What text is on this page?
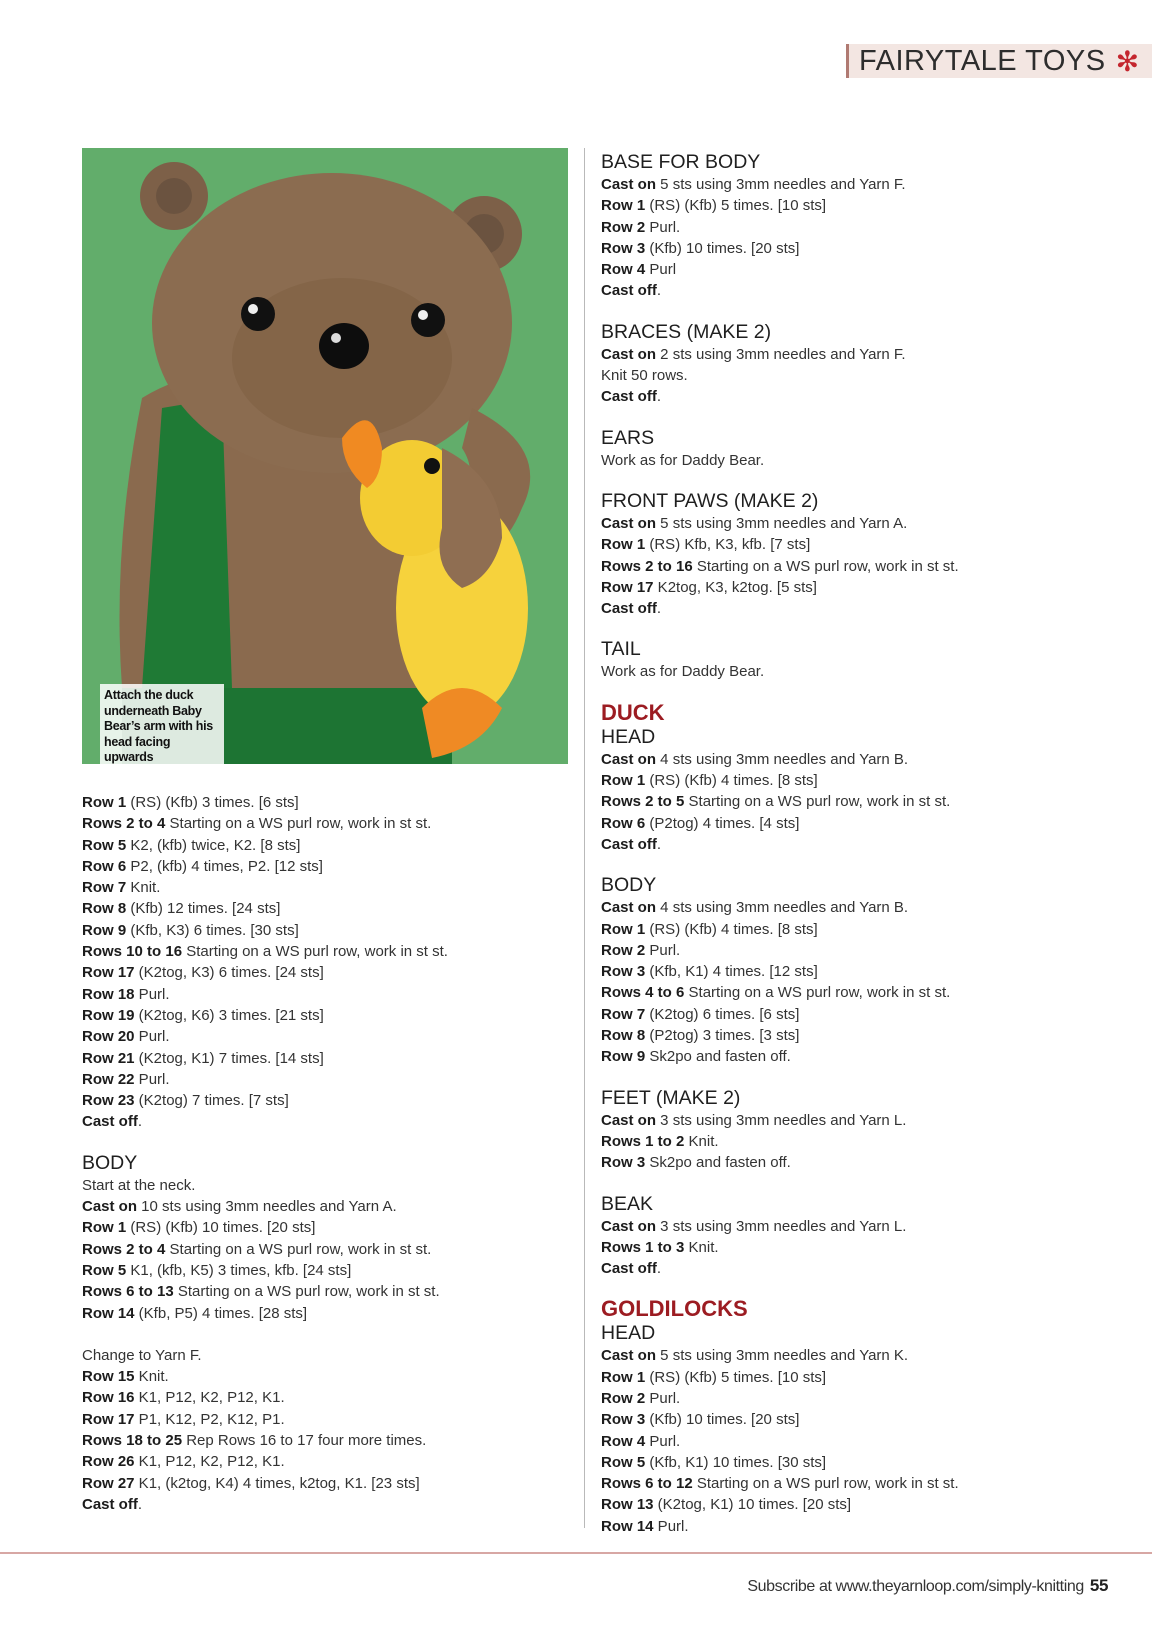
FAIRYTALE TOYS ✻
Attach the duck underneath Baby Bear’s arm with his head facing upwards
Row 1 (RS) (Kfb) 3 times. [6 sts]
Rows 2 to 4 Starting on a WS purl row, work in st st.
Row 5 K2, (kfb) twice, K2. [8 sts]
Row 6 P2, (kfb) 4 times, P2. [12 sts]
Row 7 Knit.
Row 8 (Kfb) 12 times. [24 sts]
Row 9 (Kfb, K3) 6 times. [30 sts]
Rows 10 to 16 Starting on a WS purl row, work in st st.
Row 17 (K2tog, K3) 6 times. [24 sts]
Row 18 Purl.
Row 19 (K2tog, K6) 3 times. [21 sts]
Row 20 Purl.
Row 21 (K2tog, K1) 7 times. [14 sts]
Row 22 Purl.
Row 23 (K2tog) 7 times. [7 sts]
Cast off.
BODY
Start at the neck.
Cast on 10 sts using 3mm needles and Yarn A.
Row 1 (RS) (Kfb) 10 times. [20 sts]
Rows 2 to 4 Starting on a WS purl row, work in st st.
Row 5 K1, (kfb, K5) 3 times, kfb. [24 sts]
Rows 6 to 13 Starting on a WS purl row, work in st st.
Row 14 (Kfb, P5) 4 times. [28 sts]
Change to Yarn F.
Row 15 Knit.
Row 16 K1, P12, K2, P12, K1.
Row 17 P1, K12, P2, K12, P1.
Rows 18 to 25 Rep Rows 16 to 17 four more times.
Row 26 K1, P12, K2, P12, K1.
Row 27 K1, (k2tog, K4) 4 times, k2tog, K1. [23 sts]
Cast off.
BASE FOR BODY
Cast on 5 sts using 3mm needles and Yarn F.
Row 1 (RS) (Kfb) 5 times. [10 sts]
Row 2 Purl.
Row 3 (Kfb) 10 times. [20 sts]
Row 4 Purl
Cast off.
BRACES (MAKE 2)
Cast on 2 sts using 3mm needles and Yarn F.
Knit 50 rows.
Cast off.
EARS
Work as for Daddy Bear.
FRONT PAWS (MAKE 2)
Cast on 5 sts using 3mm needles and Yarn A.
Row 1 (RS) Kfb, K3, kfb. [7 sts]
Rows 2 to 16 Starting on a WS purl row, work in st st.
Row 17 K2tog, K3, k2tog. [5 sts]
Cast off.
TAIL
Work as for Daddy Bear.
DUCK
HEAD
Cast on 4 sts using 3mm needles and Yarn B.
Row 1 (RS) (Kfb) 4 times. [8 sts]
Rows 2 to 5 Starting on a WS purl row, work in st st.
Row 6 (P2tog) 4 times. [4 sts]
Cast off.
BODY
Cast on 4 sts using 3mm needles and Yarn B.
Row 1 (RS) (Kfb) 4 times. [8 sts]
Row 2 Purl.
Row 3 (Kfb, K1) 4 times. [12 sts]
Rows 4 to 6 Starting on a WS purl row, work in st st.
Row 7 (K2tog) 6 times. [6 sts]
Row 8 (P2tog) 3 times. [3 sts]
Row 9 Sk2po and fasten off.
FEET (MAKE 2)
Cast on 3 sts using 3mm needles and Yarn L.
Rows 1 to 2 Knit.
Row 3 Sk2po and fasten off.
BEAK
Cast on 3 sts using 3mm needles and Yarn L.
Rows 1 to 3 Knit.
Cast off.
GOLDILOCKS
HEAD
Cast on 5 sts using 3mm needles and Yarn K.
Row 1 (RS) (Kfb) 5 times. [10 sts]
Row 2 Purl.
Row 3 (Kfb) 10 times. [20 sts]
Row 4 Purl.
Row 5 (Kfb, K1) 10 times. [30 sts]
Rows 6 to 12 Starting on a WS purl row, work in st st.
Row 13 (K2tog, K1) 10 times. [20 sts]
Row 14 Purl.
Subscribe at www.theyarnloop.com/simply-knitting 55
